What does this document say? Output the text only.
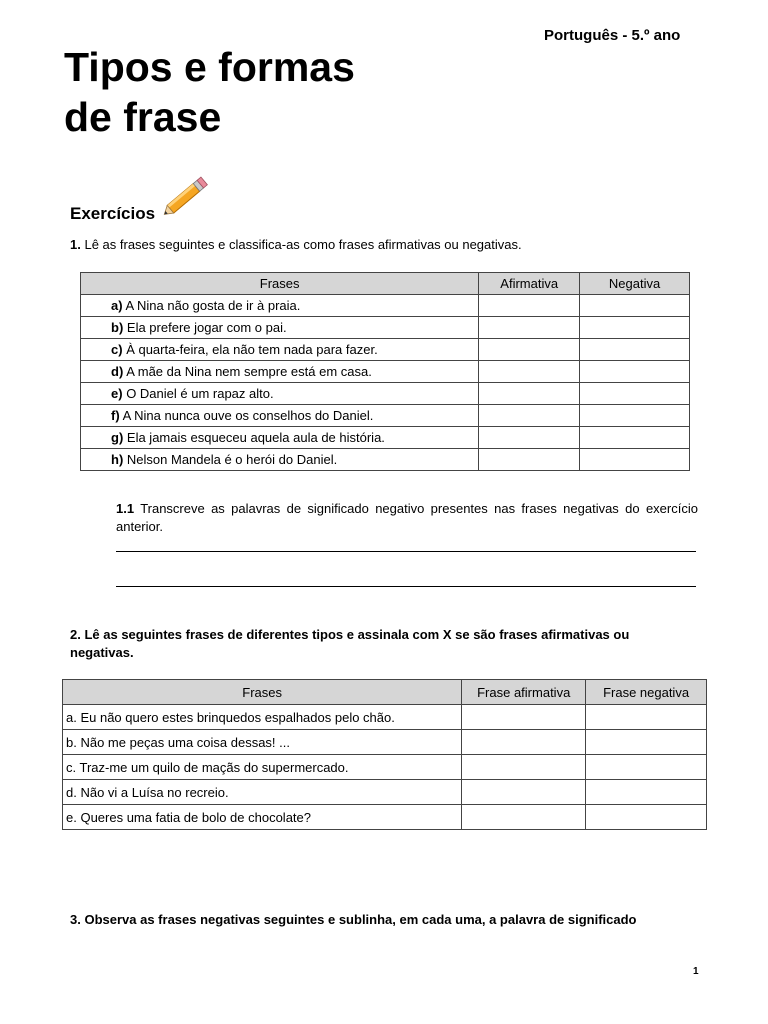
Português - 5.º ano
Tipos e formas
de frase
Exercícios
1. Lê as frases seguintes e classifica-as como frases afirmativas ou negativas.
Frases	Afirmativa	Negativa
a) A Nina não gosta de ir à praia.		
b) Ela prefere jogar com o pai.		
c) À quarta-feira, ela não tem nada para fazer.		
d) A mãe da Nina nem sempre está em casa.		
e) O Daniel é um rapaz alto.		
f) A Nina nunca ouve os conselhos do Daniel.		
g) Ela jamais esqueceu aquela aula de história.		
h) Nelson Mandela é o herói do Daniel.		
1.1 Transcreve as palavras de significado negativo presentes nas frases negativas do exercício anterior.
2. Lê as seguintes frases de diferentes tipos e assinala com X se são frases afirmativas ou negativas.
Frases	Frase afirmativa	Frase negativa
a. Eu não quero estes brinquedos espalhados pelo chão.		
b. Não me peças uma coisa dessas! ...		
c. Traz-me um quilo de maçãs do supermercado.		
d. Não vi a Luísa no recreio.		
e. Queres uma fatia de bolo de chocolate?		
3. Observa as frases negativas seguintes e sublinha, em cada uma, a palavra de significado
1
